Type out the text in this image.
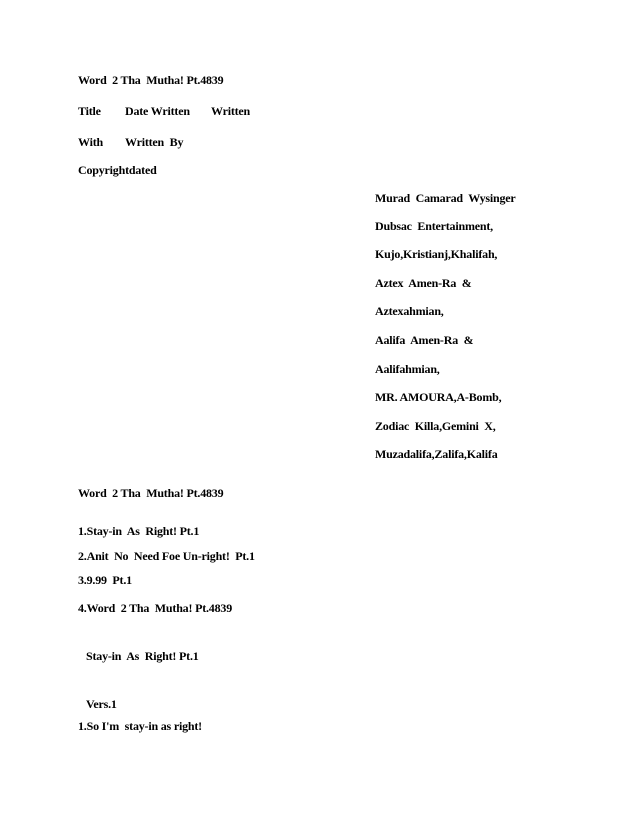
Word  2 Tha  Mutha! Pt.4839
Title Date Written Written
With Written  By
Copyrightdated
Murad  Camarad  Wysinger
Dubsac  Entertainment,
Kujo,Kristianj,Khalifah,
Aztex  Amen-Ra  &
Aztexahmian,
Aalifa  Amen-Ra  &
Aalifahmian,
MR. AMOURA,A-Bomb,
Zodiac  Killa,Gemini  X,
Muzadalifa,Zalifa,Kalifa
Word  2 Tha  Mutha! Pt.4839
1.Stay-in  As  Right! Pt.1
2.Anit  No  Need Foe Un-right!  Pt.1
3.9.99  Pt.1
4.Word  2 Tha  Mutha! Pt.4839
Stay-in  As  Right! Pt.1
Vers.1
1.So I'm  stay-in as right!
